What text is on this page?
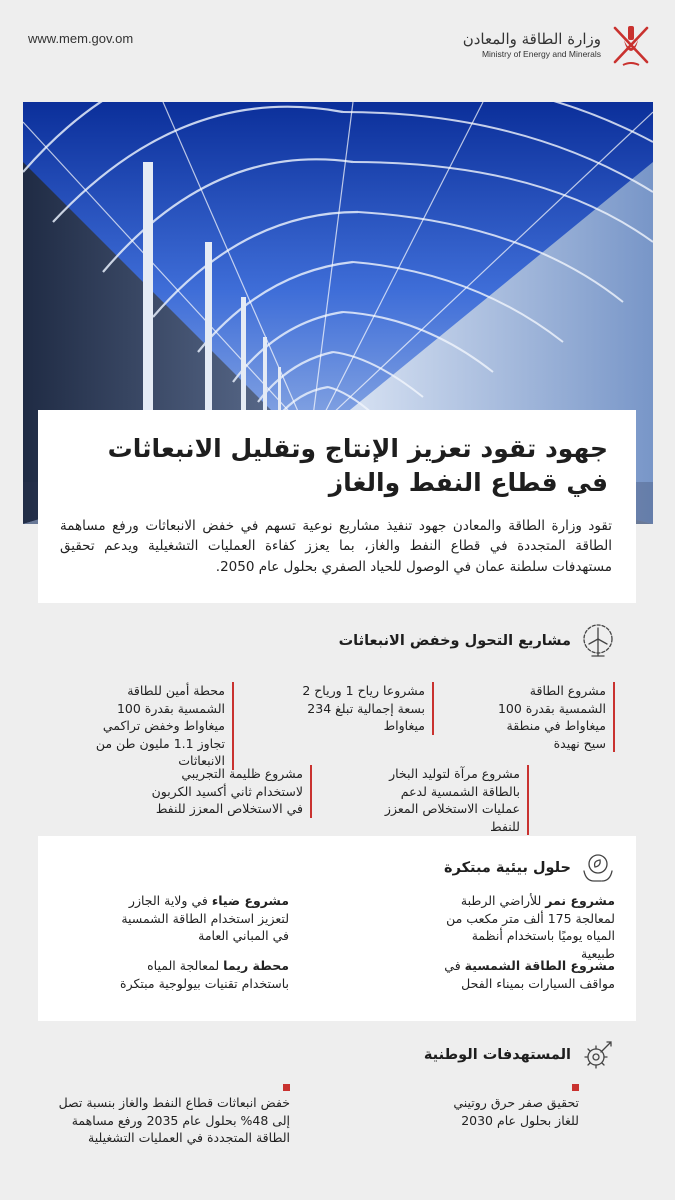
www.mem.gov.om	وزارة الطاقة والمعادن
Ministry of Energy and Minerals
جهود تقود تعزيز الإنتاج وتقليل الانبعاثات
في قطاع النفط والغاز

تقود وزارة الطاقة والمعادن جهود تنفيذ مشاريع نوعية تسهم في خفض الانبعاثات ورفع مساهمة الطاقة المتجددة في قطاع النفط والغاز، بما يعزز كفاءة العمليات التشغيلية ويدعم تحقيق مستهدفات سلطنة عمان في الوصول للحياد الصفري بحلول عام 2050.

مشاريع التحول وخفض الانبعاثات
مشروع الطاقة الشمسية بقدرة 100 ميغاواط في منطقة سيح نهيدة
مشروعا رياح 1 ورياح 2 بسعة إجمالية تبلغ 234 ميغاواط
محطة أمين للطاقة الشمسية بقدرة 100 ميغاواط وخفض تراكمي تجاوز 1.1 مليون طن من الانبعاثات
مشروع مرآة لتوليد البخار بالطاقة الشمسية لدعم عمليات الاستخلاص المعزز للنفط
مشروع ظليمة التجريبي لاستخدام ثاني أكسيد الكربون في الاستخلاص المعزز للنفط
حلول بيئية مبتكرة
مشروع نمر للأراضي الرطبة لمعالجة 175 ألف متر مكعب من المياه يوميًا باستخدام أنظمة طبيعية
مشروع ضياء في ولاية الجازر لتعزيز استخدام الطاقة الشمسية في المباني العامة
مشروع الطاقة الشمسية في مواقف السيارات بميناء الفحل
محطة ريما لمعالجة المياه باستخدام تقنيات بيولوجية مبتكرة
المستهدفات الوطنية
تحقيق صفر حرق روتيني للغاز بحلول عام 2030
خفض انبعاثات قطاع النفط والغاز بنسبة تصل إلى 48% بحلول عام 2035 ورفع مساهمة الطاقة المتجددة في العمليات التشغيلية
